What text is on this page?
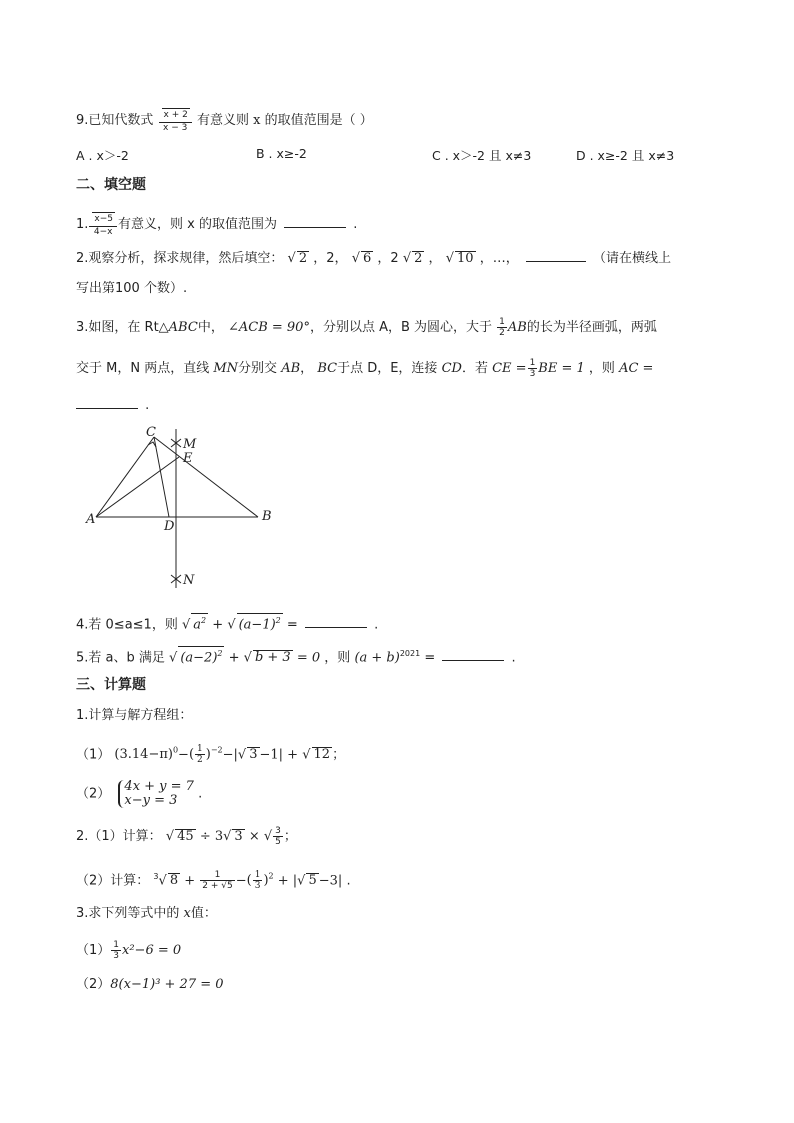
9.已知代数式 $\frac{x + 2}{x - 3}$ 有意义则 x 的取值范围是（ ）
A . x＞-2	B . x≥-2	C . x＞-2 且 x≠3	D . x≥-2 且 x≠3
二、填空题
1. $\frac{x-5}{4-x}$ 有意义，则 x 的取值范围为	.
2.观察分析，探求规律，然后填空： √ 2 ，2， √ 6 ，2 √ 2 ， √ 10 ，…，	（请在横线上
写出第100 个数）.
3.如图，在 Rt△ABC中， ∠ACB = 90°，分别以点 A，B 为圆心，大于 $\frac{1}{2}$ AB的长为半径画弧，两弧
交于 M，N 两点，直线 MN分别交 AB， BC于点 D，E，连接 CD．若 CE = $\frac{1}{3}$ BE = 1 ，则 AC =
.
A	B
C
D
E
M
N
4.若 0≤a≤1，则 √ $a^2$ + √ $(a-1)^2$ =	.
5.若 a、b 满足 √ $(a-2)^2$ + √ b + 3 = 0 ，则 $(a + b)^{2021}$ =	.
三、计算题
1.计算与解方程组：
（1） $(3.14-\pi)^0-( \frac{1}{2} )^{-2}-|√$ 3 −1| + √ 12 ；
（2） 4x + y = 7
x−y = 3	.
2.（1）计算： √ 45 ÷ 3√ 3 × √ $\frac{3}{5}$ ；
（2）计算： $^3$√ $8 + \frac{1}{2 + √5}$ −( $\frac{1}{3} )^2$ + |√ 5 −3| .
3.求下列等式中的 x值：
$(1) \frac{1}{3} x^2-6 = 0$
（2）8(x−1)³ + 27 = 0
